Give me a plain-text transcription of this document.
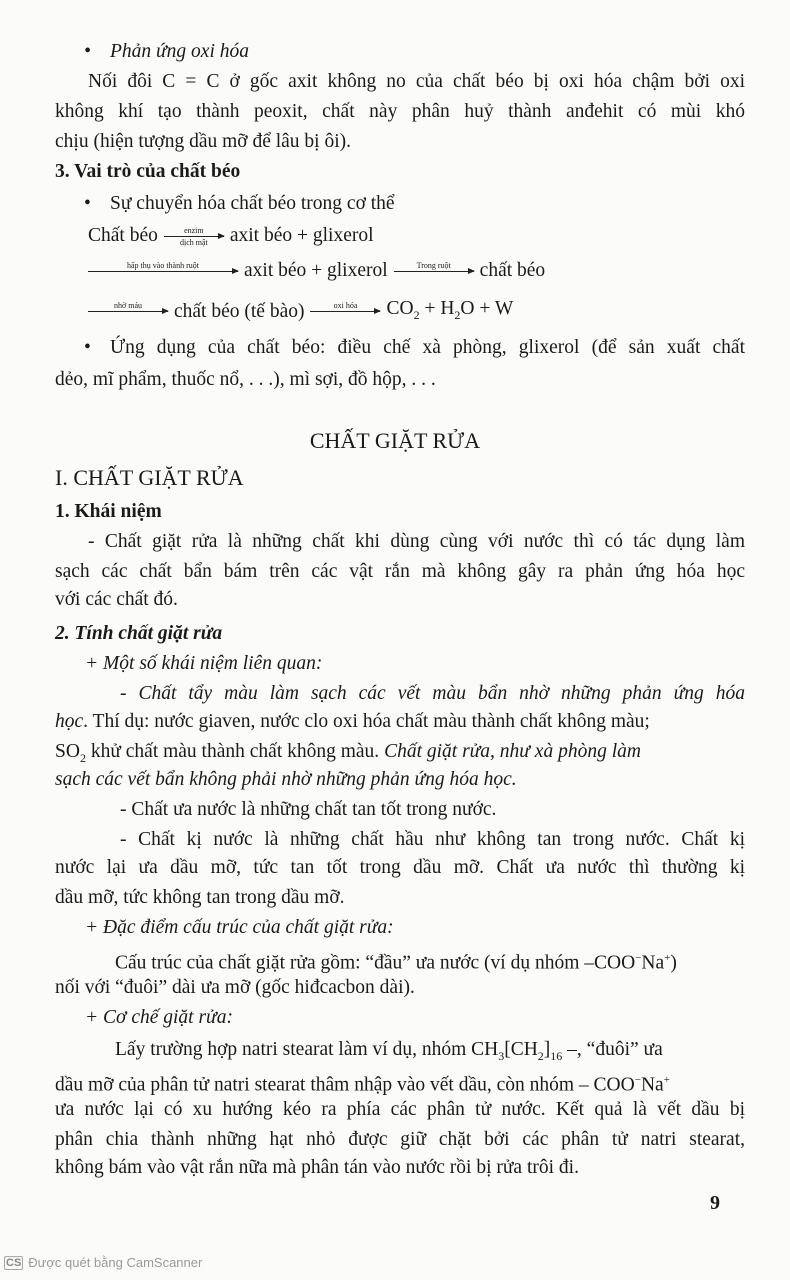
• Phản ứng oxi hóa
Nối đôi C = C ở gốc axit không no của chất béo bị oxi hóa chậm bởi oxi
không khí tạo thành peoxit, chất này phân huỷ thành anđehit có mùi khó
chịu (hiện tượng dầu mỡ để lâu bị ôi).
3. Vai trò của chất béo
• Sự chuyển hóa chất béo trong cơ thể
Chất béo	enzim
dịch mật axit béo + glixerol
hấp thụ vào thành ruột axit béo + glixerol	Trong ruột chất béo
nhờ máu chất béo (tế bào)	oxi hóa $CO_2 + H_2O + W$
• Ứng dụng của chất béo: điều chế xà phòng, glixerol (để sản xuất chất
dẻo, mĩ phẩm, thuốc nổ, . . .), mì sợi, đồ hộp, . . .
CHẤT GIẶT RỬA
I. CHẤT GIẶT RỬA
1. Khái niệm
- Chất giặt rửa là những chất khi dùng cùng với nước thì có tác dụng làm
sạch các chất bẩn bám trên các vật rắn mà không gây ra phản ứng hóa học
với các chất đó.
2. Tính chất giặt rửa
+ Một số khái niệm liên quan:
- Chất tẩy màu làm sạch các vết màu bẩn nhờ những phản ứng hóa
học. Thí dụ: nước giaven, nước clo oxi hóa chất màu thành chất không màu;
$SO_2$ khử chất màu thành chất không màu. Chất giặt rửa, như xà phòng làm
sạch các vết bẩn không phải nhờ những phản ứng hóa học.
- Chất ưa nước là những chất tan tốt trong nước.
- Chất kị nước là những chất hầu như không tan trong nước. Chất kị
nước lại ưa dầu mỡ, tức tan tốt trong dầu mỡ. Chất ưa nước thì thường kị
dầu mỡ, tức không tan trong dầu mỡ.
+ Đặc điểm cấu trúc của chất giặt rửa:
Cấu trúc của chất giặt rửa gồm: “đầu” ưa nước (ví dụ nhóm –COO−Na+)
nối với “đuôi” dài ưa mỡ (gốc hiđcacbon dài).
+ Cơ chế giặt rửa:
Lấy trường hợp natri stearat làm ví dụ, nhóm $CH_3[CH_2]_{16}$ –, “đuôi” ưa
dầu mỡ của phân tử natri stearat thâm nhập vào vết dầu, còn nhóm – COO−Na+
ưa nước lại có xu hướng kéo ra phía các phân tử nước. Kết quả là vết dầu bị
phân chia thành những hạt nhỏ được giữ chặt bởi các phân tử natri stearat,
không bám vào vật rắn nữa mà phân tán vào nước rồi bị rửa trôi đi.
9
CS Được quét bằng CamScanner
